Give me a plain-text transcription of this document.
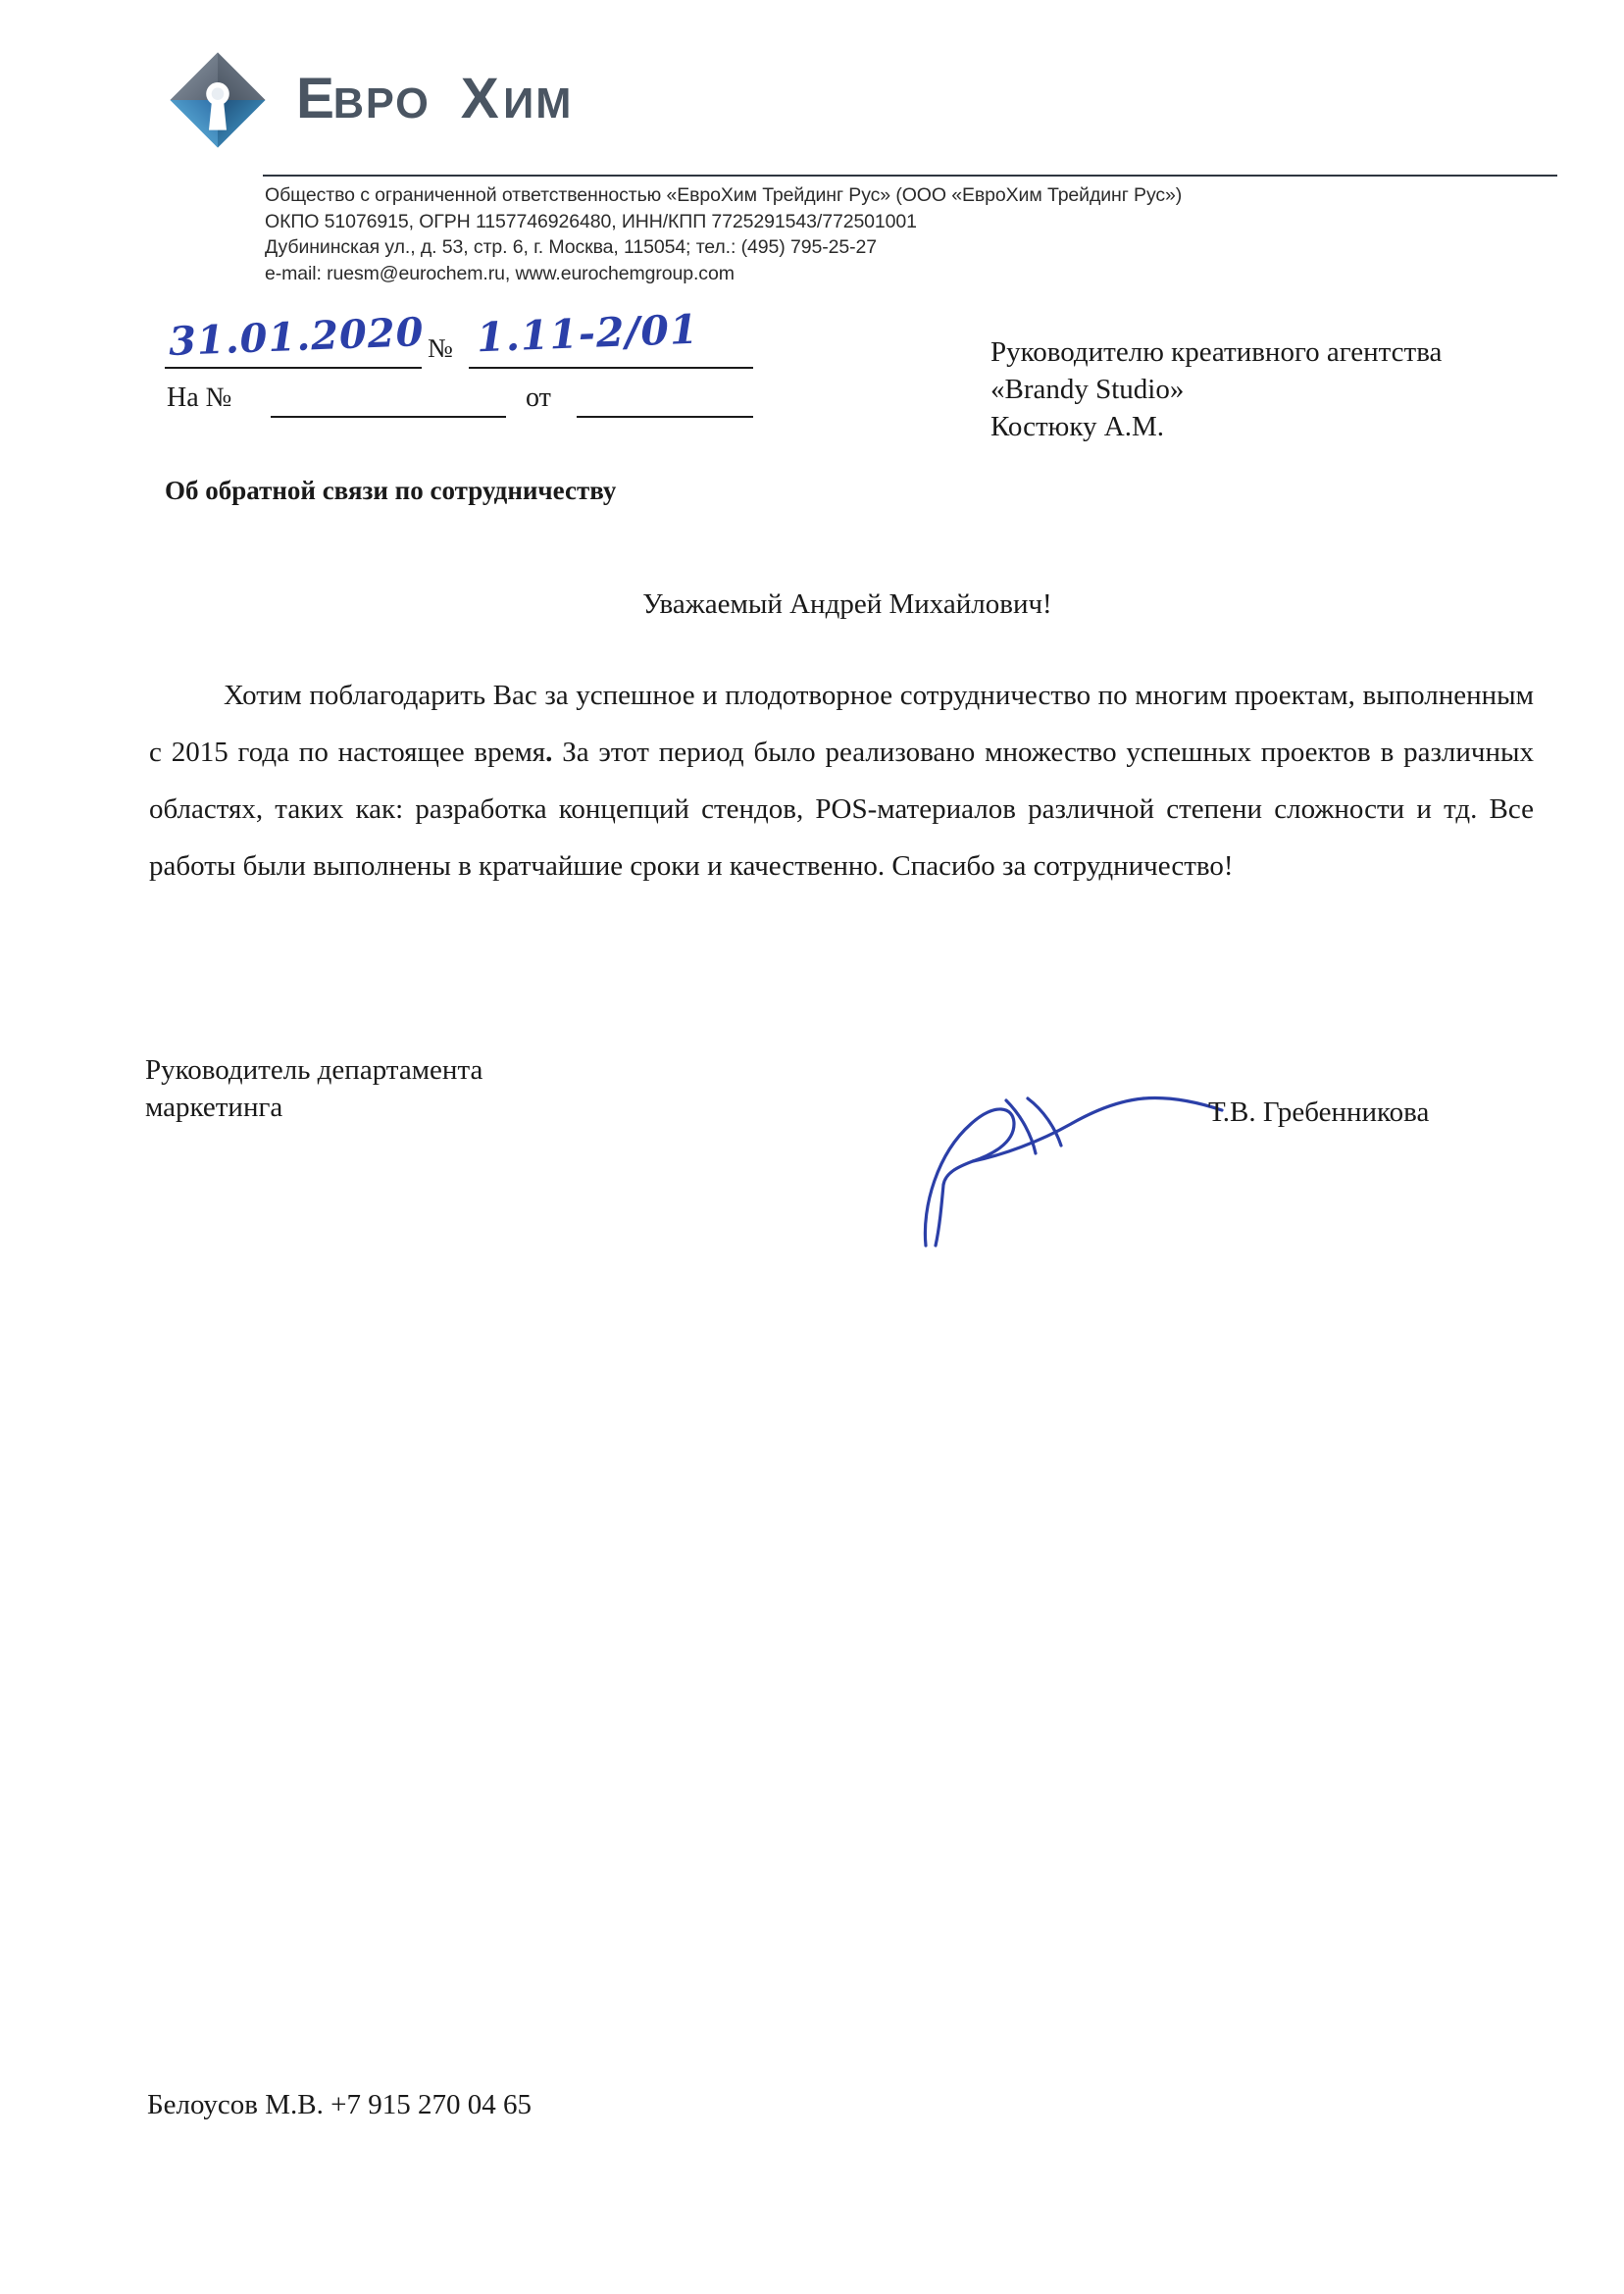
Е
ВРО Х ИМ
Общество с ограниченной ответственностью «ЕвроХим Трейдинг Рус» (ООО «ЕвроХим Трейдинг Рус»)
ОКПО 51076915, ОГРН 1157746926480, ИНН/КПП 7725291543/772501001
Дубининская ул., д. 53, стр. 6, г. Москва, 115054; тел.: (495) 795-25-27
e-mail: ruesm@eurochem.ru, www.eurochemgroup.com
31.01.2020 № 1.11-2/01
На №	от
Руководителю креативного агентства
«Brandy Studio»
Костюку А.М.
Об обратной связи по сотрудничеству
Уважаемый Андрей Михайлович!
Хотим поблагодарить Вас за успешное и плодотворное сотрудничество по многим проектам, выполненным с 2015 года по настоящее время. За этот период было реализовано множество успешных проектов в различных областях, таких как: разработка концепций стендов, POS-материалов различной степени сложности и тд. Все работы были выполнены в кратчайшие сроки и качественно. Спасибо за сотрудничество!
Руководитель департамента
маркетинга	Т.В. Гребенникова
Белоусов М.В. +7 915 270 04 65
